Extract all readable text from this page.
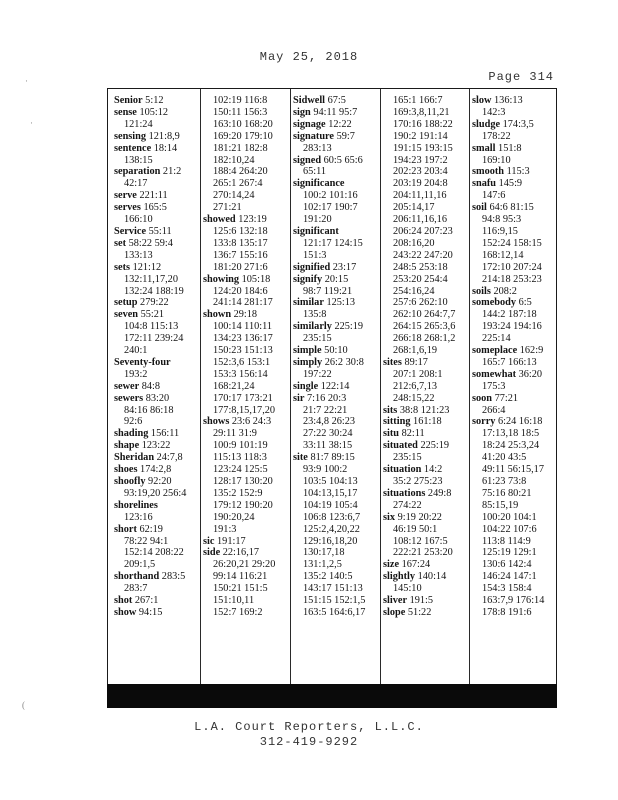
May 25, 2018
Page 314
·
·
(
Senior 5:12
sense 105:12
121:24
sensing 121:8,9
sentence 18:14
138:15
separation 21:2
42:17
serve 221:11
serves 165:5
166:10
Service 55:11
set 58:22 59:4
133:13
sets 121:12
132:11,17,20
132:24 188:19
setup 279:22
seven 55:21
104:8 115:13
172:11 239:24
240:1
Seventy-four
193:2
sewer 84:8
sewers 83:20
84:16 86:18
92:6
shading 156:11
shape 123:22
Sheridan 24:7,8
shoes 174:2,8
shoofly 92:20
93:19,20 256:4
shorelines
123:16
short 62:19
78:22 94:1
152:14 208:22
209:1,5
shorthand 283:5
283:7
shot 267:1
show 94:15
102:19 116:8
150:11 156:3
163:10 168:20
169:20 179:10
181:21 182:8
182:10,24
188:4 264:20
265:1 267:4
270:14,24
271:21
showed 123:19
125:6 132:18
133:8 135:17
136:7 155:16
181:20 271:6
showing 105:18
124:20 184:6
241:14 281:17
shown 29:18
100:14 110:11
134:23 136:17
150:23 151:13
152:3,6 153:1
153:3 156:14
168:21,24
170:17 173:21
177:8,15,17,20
shows 23:6 24:3
29:11 31:9
100:9 101:19
115:13 118:3
123:24 125:5
128:17 130:20
135:2 152:9
179:12 190:20
190:20,24
191:3
sic 191:17
side 22:16,17
26:20,21 29:20
99:14 116:21
150:21 151:5
151:10,11
152:7 169:2
Sidwell 67:5
sign 94:11 95:7
signage 12:22
signature 59:7
283:13
signed 60:5 65:6
65:11
significance
100:2 101:16
102:17 190:7
191:20
significant
121:17 124:15
151:3
signified 23:17
signify 20:15
98:7 119:21
similar 125:13
135:8
similarly 225:19
235:15
simple 50:10
simply 26:2 30:8
197:22
single 122:14
sir 7:16 20:3
21:7 22:21
23:4,8 26:23
27:22 30:24
33:11 38:15
site 81:7 89:15
93:9 100:2
103:5 104:13
104:13,15,17
104:19 105:4
106:8 123:6,7
125:2,4,20,22
129:16,18,20
130:17,18
131:1,2,5
135:2 140:5
143:17 151:13
151:15 152:1,5
163:5 164:6,17
165:1 166:7
169:3,8,11,21
170:16 188:22
190:2 191:14
191:15 193:15
194:23 197:2
202:23 203:4
203:19 204:8
204:11,11,16
205:14,17
206:11,16,16
206:24 207:23
208:16,20
243:22 247:20
248:5 253:18
253:20 254:4
254:16,24
257:6 262:10
262:10 264:7,7
264:15 265:3,6
266:18 268:1,2
268:1,6,19
sites 89:17
207:1 208:1
212:6,7,13
248:15,22
sits 38:8 121:23
sitting 161:18
situ 82:11
situated 225:19
235:15
situation 14:2
35:2 275:23
situations 249:8
274:22
six 9:19 20:22
46:19 50:1
108:12 167:5
222:21 253:20
size 167:24
slightly 140:14
145:10
sliver 191:5
slope 51:22
slow 136:13
142:3
sludge 174:3,5
178:22
small 151:8
169:10
smooth 115:3
snafu 145:9
147:6
soil 64:6 81:15
94:8 95:3
116:9,15
152:24 158:15
168:12,14
172:10 207:24
214:18 253:23
soils 208:2
somebody 6:5
144:2 187:18
193:24 194:16
225:14
someplace 162:9
165:7 166:13
somewhat 36:20
175:3
soon 77:21
266:4
sorry 6:24 16:18
17:13,18 18:5
18:24 25:3,24
41:20 43:5
49:11 56:15,17
61:23 73:8
75:16 80:21
85:15,19
100:20 104:1
104:22 107:6
113:8 114:9
125:19 129:1
130:6 142:4
146:24 147:1
154:3 158:4
163:7,9 176:14
178:8 191:6
L.A. Court Reporters, L.L.C.
312-419-9292
